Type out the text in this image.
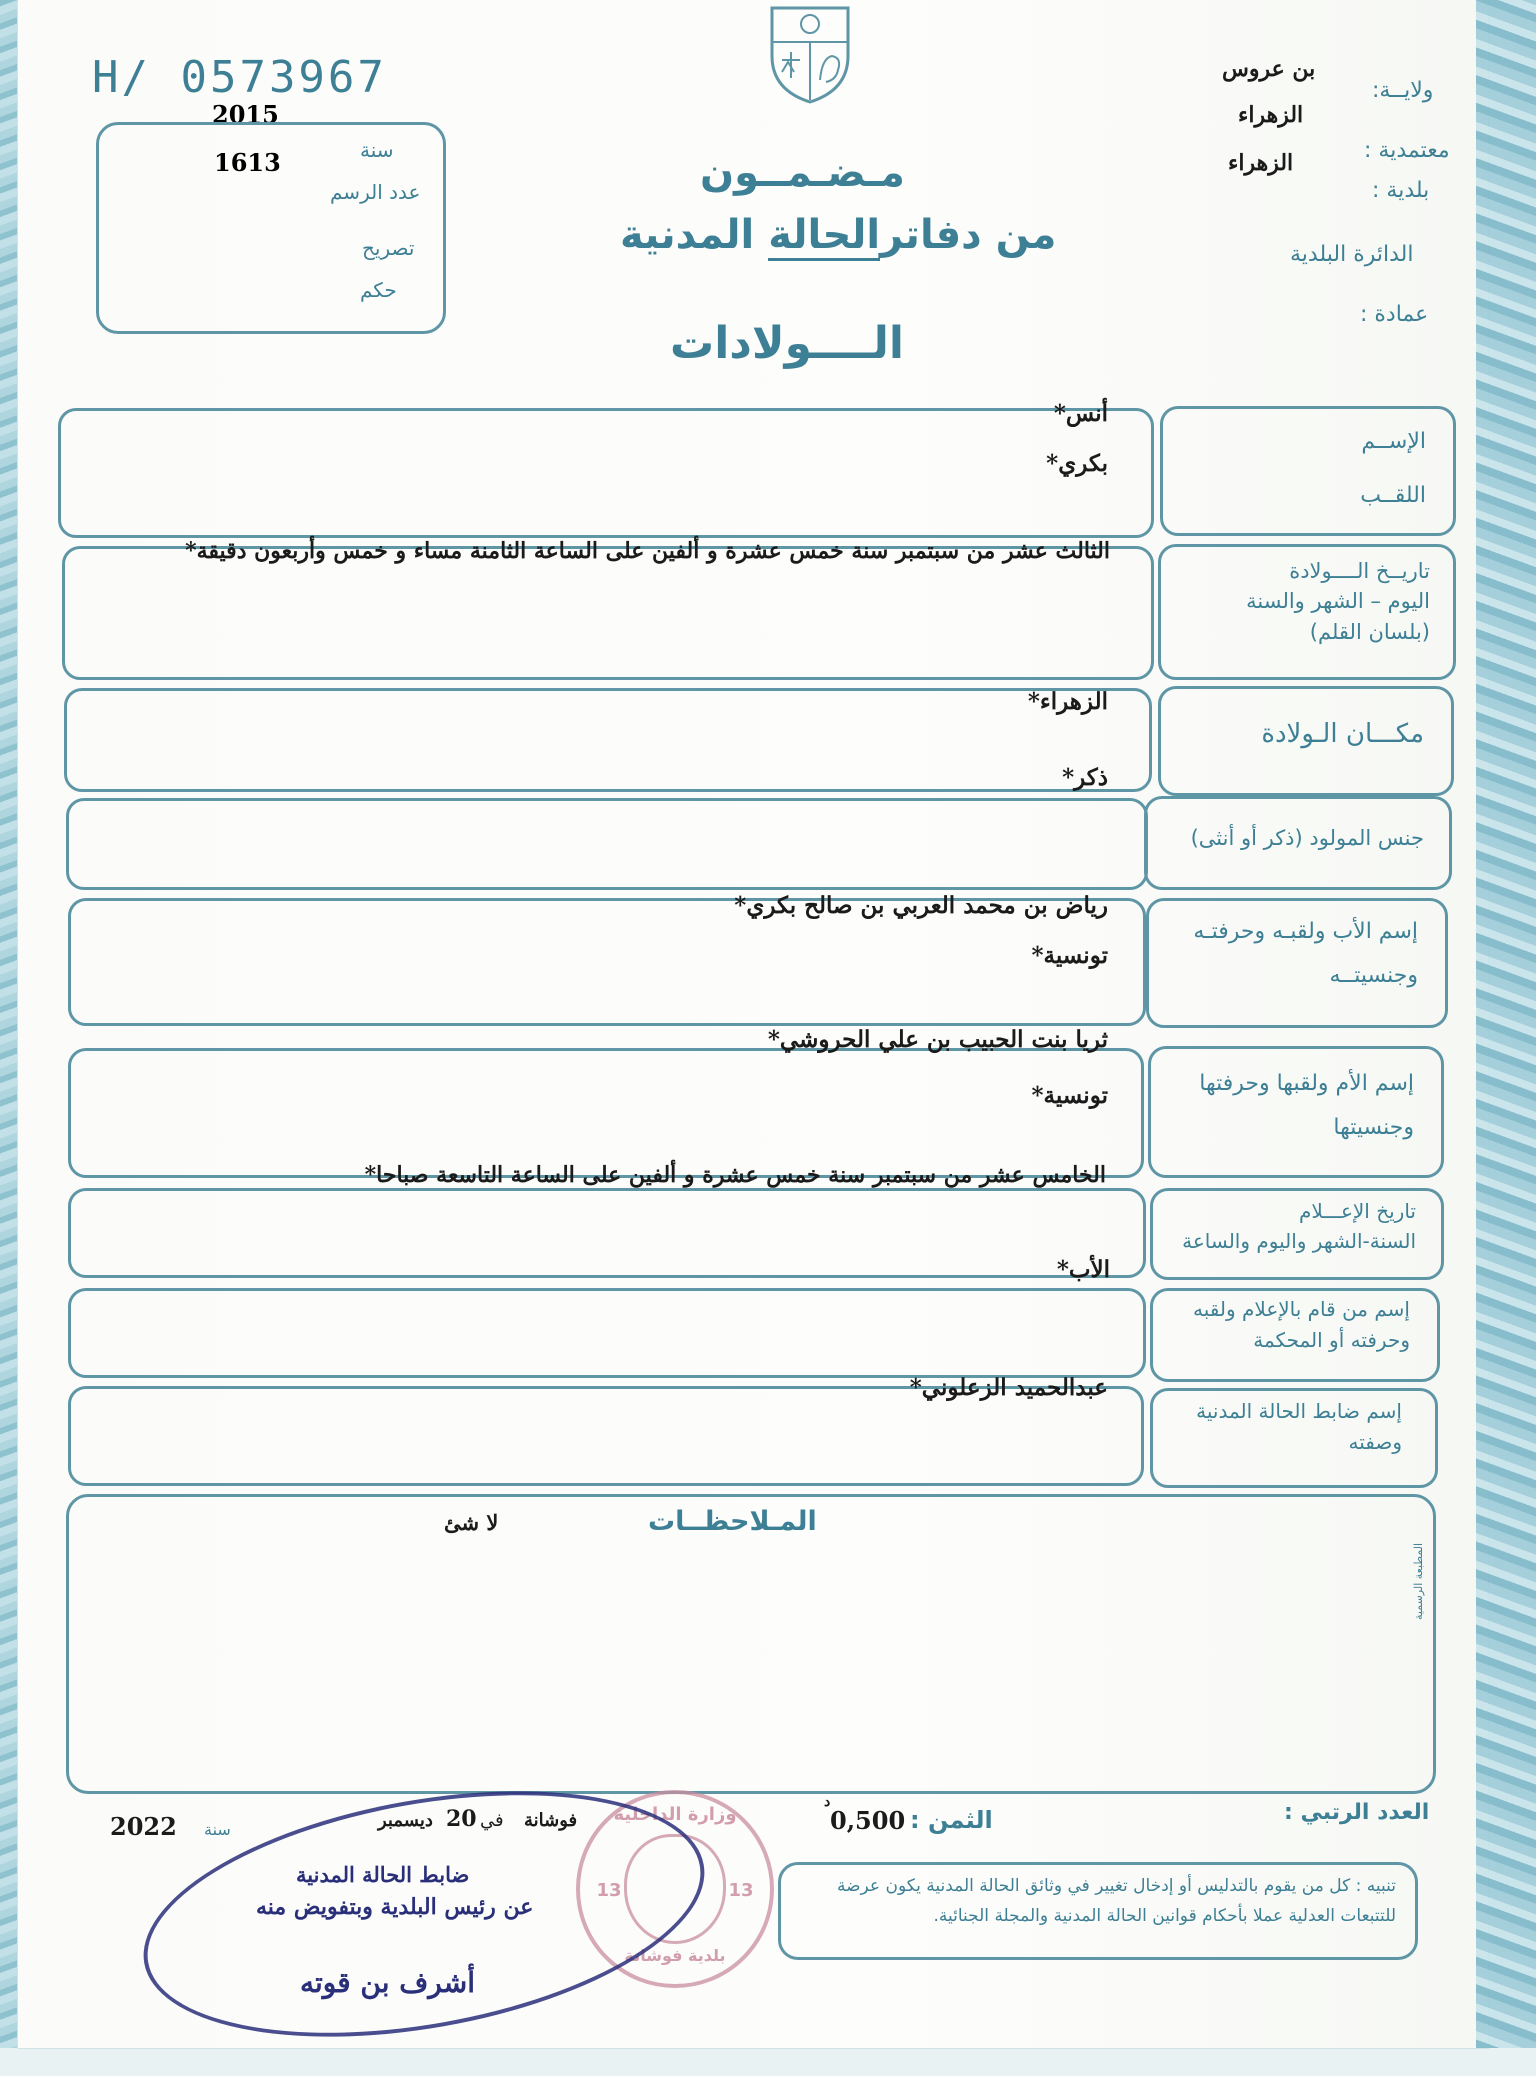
H/ 0573967
2015
سنة
1613
عدد الرسم
تصريح
حكم
ولايــة:
بن عروس
الزهراء
معتمدية :
الزهراء
بلدية :
الدائرة البلدية
عمادة :
مـضـمــون
من دفاترالحالة المدنية
الــــولادات
الإســم
اللقــب
أنس*
بكري*
تاريــخ الــــولادة
اليوم – الشهر والسنة
(بلسان القلم)
الثالث عشر من سبتمبر سنة خمس عشرة و ألفين على الساعة الثامنة مساء و خمس وأربعون دقيقة*
مكـــان الـولادة
الزهراء*
جنس المولود (ذكر أو أنثى)
ذكر*
إسم الأب ولقبـه وحرفتـه
وجنسيتــه
رياض بن محمد العربي بن صالح بكري*
تونسية*
إسم الأم ولقبها وحرفتها
وجنسيتها
ثريا بنت الحبيب بن علي الحروشي*
تونسية*
تاريخ الإعـــلام
السنة-الشهر واليوم والساعة
الخامس عشر من سبتمبر سنة خمس عشرة و ألفين على الساعة التاسعة صباحا*
إسم من قام بالإعلام ولقبه
وحرفته أو المحكمة
الأب*
إسم ضابط الحالة المدنية
وصفته
عبدالحميد الزعلوني*
المـلاحظــات
لا شئ
المطبعة الرسمية
العدد الرتبي :
الثمن :
0,500
د
فوشانة
في
20
ديسمبر
سنة
2022	وزارة الداخلية
بلدية فوشانة
13	13
ضابط الحالة المدنية
عن رئيس البلدية وبتفويض منه
أشرف بن قوته
تنبيه : كل من يقوم بالتدليس أو إدخال تغيير في وثائق الحالة المدنية يكون عرضة للتتبعات العدلية عملا بأحكام قوانين الحالة المدنية والمجلة الجنائية.
